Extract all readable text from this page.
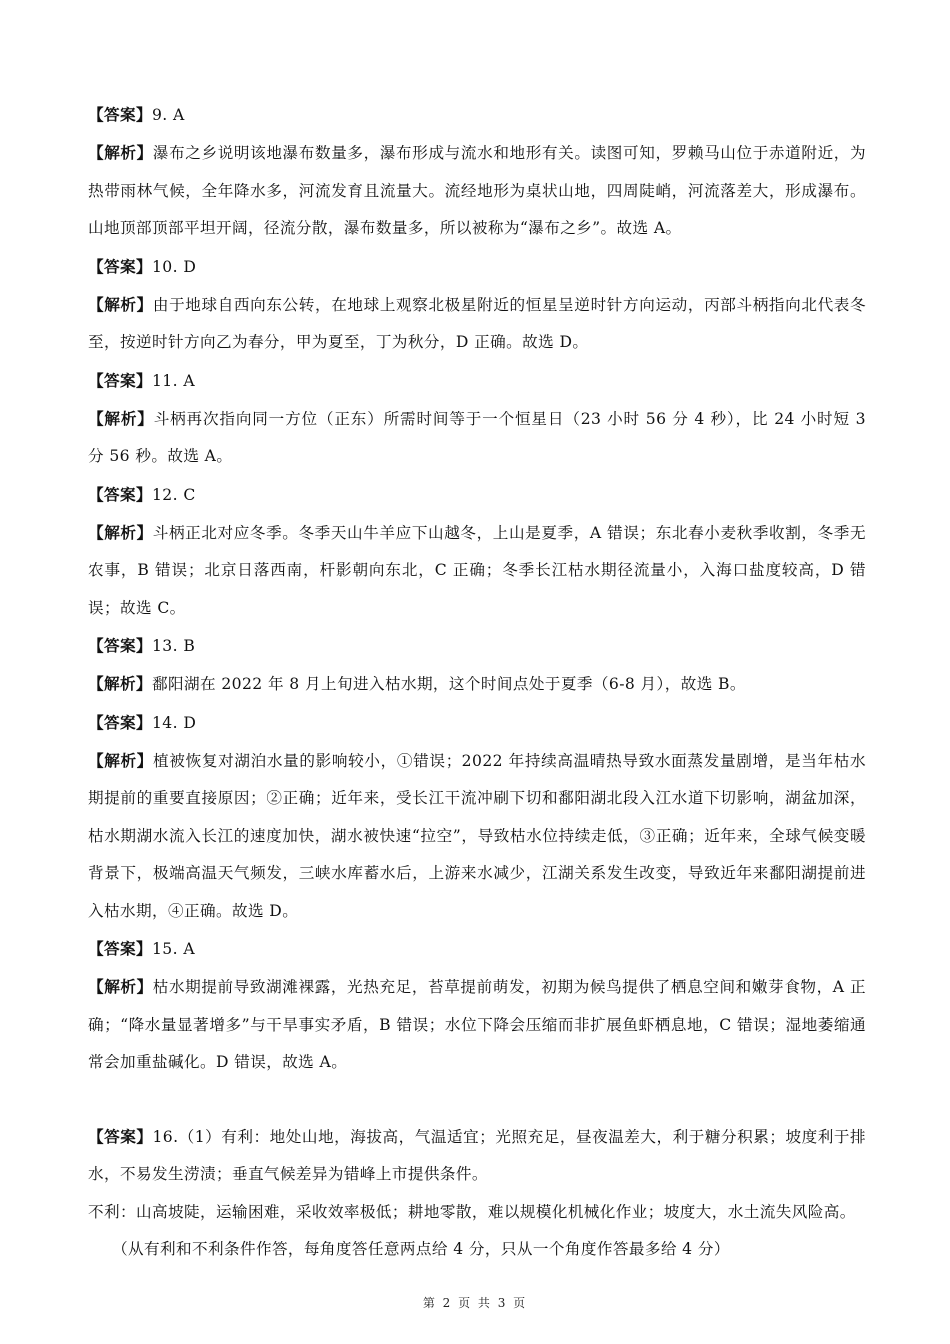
【答案】9. A

【解析】瀑布之乡说明该地瀑布数量多，瀑布形成与流水和地形有关。读图可知，罗赖马山位于赤道附近，为热带雨林气候，全年降水多，河流发育且流量大。流经地形为桌状山地，四周陡峭，河流落差大，形成瀑布。山地顶部顶部平坦开阔，径流分散，瀑布数量多，所以被称为“瀑布之乡”。故选 A。

【答案】10. D

【解析】由于地球自西向东公转，在地球上观察北极星附近的恒星呈逆时针方向运动，丙部斗柄指向北代表冬至，按逆时针方向乙为春分，甲为夏至，丁为秋分，D 正确。故选 D。

【答案】11. A

【解析】斗柄再次指向同一方位（正东）所需时间等于一个恒星日（23 小时 56 分 4 秒），比 24 小时短 3 分 56 秒。故选 A。

【答案】12. C

【解析】斗柄正北对应冬季。冬季天山牛羊应下山越冬，上山是夏季，A 错误；东北春小麦秋季收割，冬季无农事，B 错误；北京日落西南，杆影朝向东北，C 正确；冬季长江枯水期径流量小，入海口盐度较高，D 错误；故选 C。

【答案】13. B

【解析】鄱阳湖在 2022 年 8 月上旬进入枯水期，这个时间点处于夏季（6-8 月），故选 B。

【答案】14. D

【解析】植被恢复对湖泊水量的影响较小，①错误；2022 年持续高温晴热导致水面蒸发量剧增，是当年枯水期提前的重要直接原因；②正确；近年来，受长江干流冲刷下切和鄱阳湖北段入江水道下切影响，湖盆加深，枯水期湖水流入长江的速度加快，湖水被快速“拉空”，导致枯水位持续走低，③正确；近年来，全球气候变暖背景下，极端高温天气频发，三峡水库蓄水后，上游来水减少，江湖关系发生改变，导致近年来鄱阳湖提前进入枯水期，④正确。故选 D。

【答案】15. A

【解析】枯水期提前导致湖滩裸露，光热充足，苔草提前萌发，初期为候鸟提供了栖息空间和嫩芽食物，A 正确；“降水量显著增多”与干旱事实矛盾，B 错误；水位下降会压缩而非扩展鱼虾栖息地，C 错误；湿地萎缩通常会加重盐碱化。D 错误，故选 A。

【答案】16.（1）有利：地处山地，海拔高，气温适宜；光照充足，昼夜温差大，利于糖分积累；坡度利于排水，不易发生涝渍；垂直气候差异为错峰上市提供条件。

不利：山高坡陡，运输困难，采收效率极低；耕地零散，难以规模化机械化作业；坡度大，水土流失风险高。

（从有利和不利条件作答，每角度答任意两点给 4 分，只从一个角度作答最多给 4 分）

第 2 页 共 3 页
